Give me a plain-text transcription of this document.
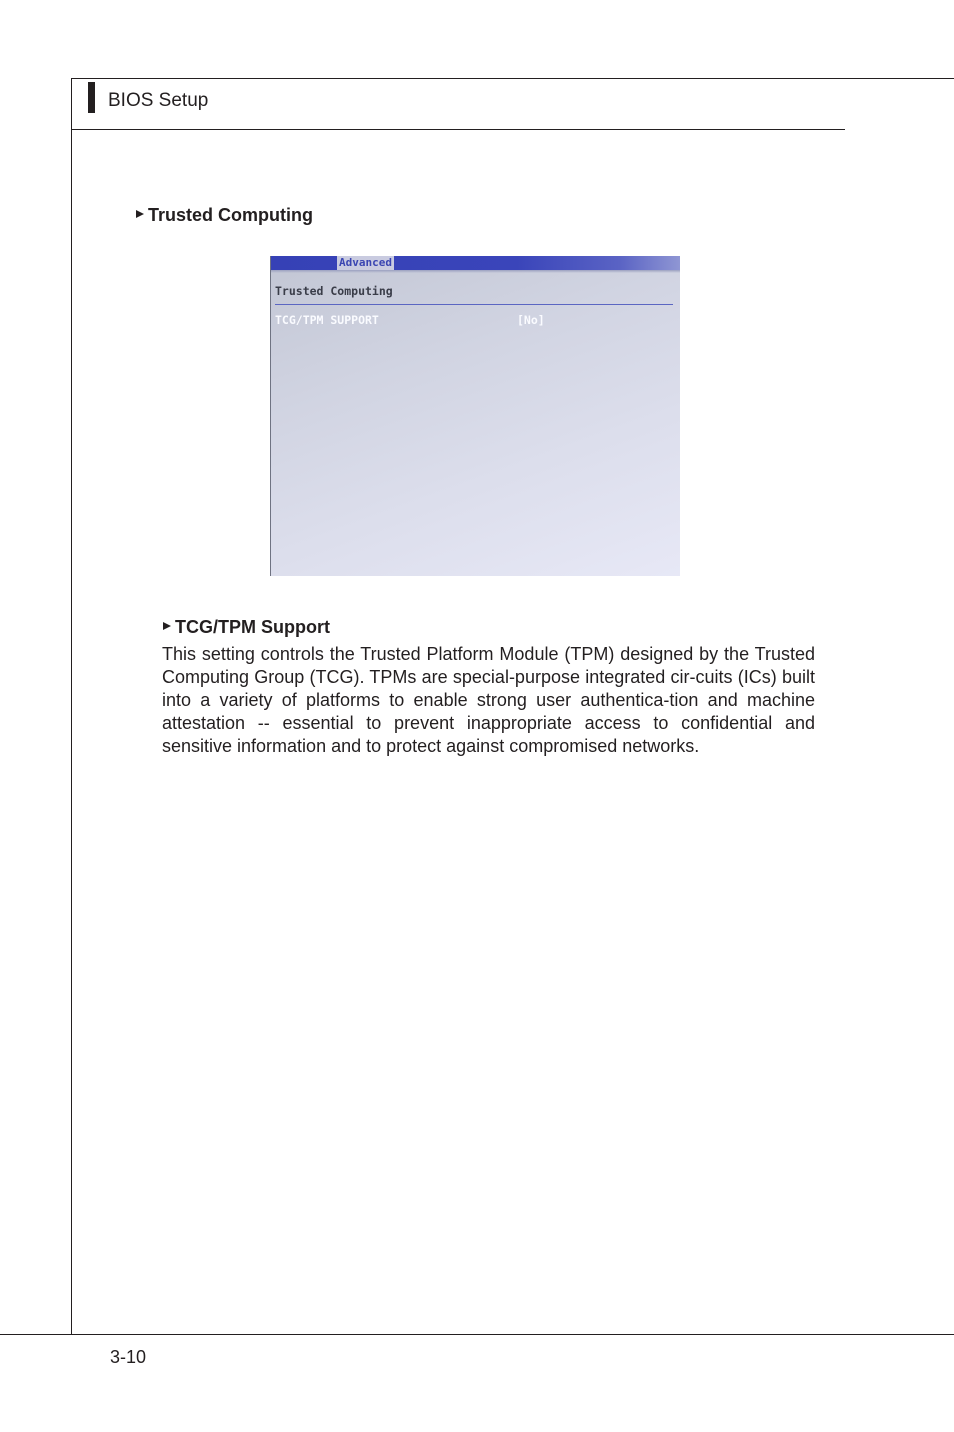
BIOS Setup
Trusted Computing
Advanced
Trusted Computing
TCG/TPM SUPPORT	[No]
TCG/TPM Support

This setting controls the Trusted Platform Module (TPM) designed by the Trusted Computing Group (TCG). TPMs are special-purpose integrated cir-cuits (ICs) built into a variety of platforms to enable strong user authentica-tion and machine attestation -- essential to prevent inappropriate access to confidential and sensitive information and to protect against compromised networks.

3-10
